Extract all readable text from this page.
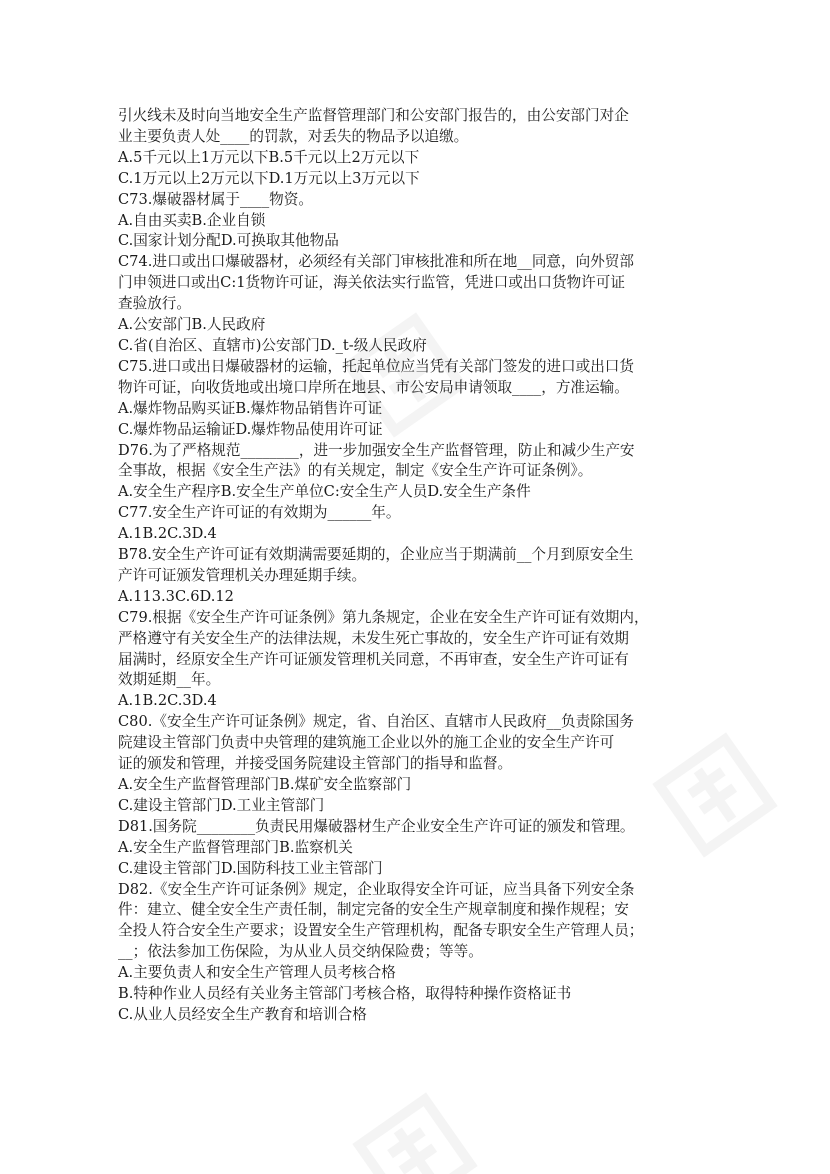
引火线未及时向当地安全生产监督管理部门和公安部门报告的，由公安部门对企
业主要负责人处____的罚款，对丢失的物品予以追缴。
A.5千元以上1万元以下B.5千元以上2万元以下
C.1万元以上2万元以下D.1万元以上3万元以下
C73.爆破器材属于____物资。
A.自由买卖B.企业自锁
C.国家计划分配D.可换取其他物品
C74.进口或出口爆破器材，必须经有关部门审核批准和所在地__同意，向外贸部
门申领进口或出C:1货物许可证，海关依法实行监管，凭进口或出口货物许可证
查验放行。
A.公安部门B.人民政府
C.省(自治区、直辖市)公安部门D._t-级人民政府
C75.进口或出日爆破器材的运输，托起单位应当凭有关部门签发的进口或出口货
物许可证，向收货地或出境口岸所在地县、市公安局申请领取____，方准运输。
A.爆炸物品购买证B.爆炸物品销售许可证
C.爆炸物品运输证D.爆炸物品使用许可证
D76.为了严格规范________，进一步加强安全生产监督管理，防止和减少生产安
全事故，根据《安全生产法》的有关规定，制定《安全生产许可证条例》。
A.安全生产程序B.安全生产单位C:安全生产人员D.安全生产条件
C77.安全生产许可证的有效期为______年。
A.1B.2C.3D.4
B78.安全生产许可证有效期满需要延期的，企业应当于期满前__个月到原安全生
产许可证颁发管理机关办理延期手续。
A.113.3C.6D.12
C79.根据《安全生产许可证条例》第九条规定，企业在安全生产许可证有效期内，
严格遵守有关安全生产的法律法规，未发生死亡事故的，安全生产许可证有效期
届满时，经原安全生产许可证颁发管理机关同意，不再审查，安全生产许可证有
效期延期__年。
A.1B.2C.3D.4
C80.《安全生产许可证条例》规定，省、自治区、直辖市人民政府__负责除国务
院建设主管部门负责中央管理的建筑施工企业以外的施工企业的安全生产许可
证的颁发和管理，并接受国务院建设主管部门的指导和监督。
A.安全生产监督管理部门B.煤矿安全监察部门
C.建设主管部门D.工业主管部门
D81.国务院________负责民用爆破器材生产企业安全生产许可证的颁发和管理。
A.安全生产监督管理部门B.监察机关
C.建设主管部门D.国防科技工业主管部门
D82.《安全生产许可证条例》规定，企业取得安全许可证，应当具备下列安全条
件：建立、健全安全生产责任制，制定完备的安全生产规章制度和操作规程；安
全投人符合安全生产要求；设置安全生产管理机构，配备专职安全生产管理人员；
__；依法参加工伤保险，为从业人员交纳保险费；等等。
A.主要负责人和安全生产管理人员考核合格
B.特种作业人员经有关业务主管部门考核合格，取得特种操作资格证书
C.从业人员经安全生产教育和培训合格
